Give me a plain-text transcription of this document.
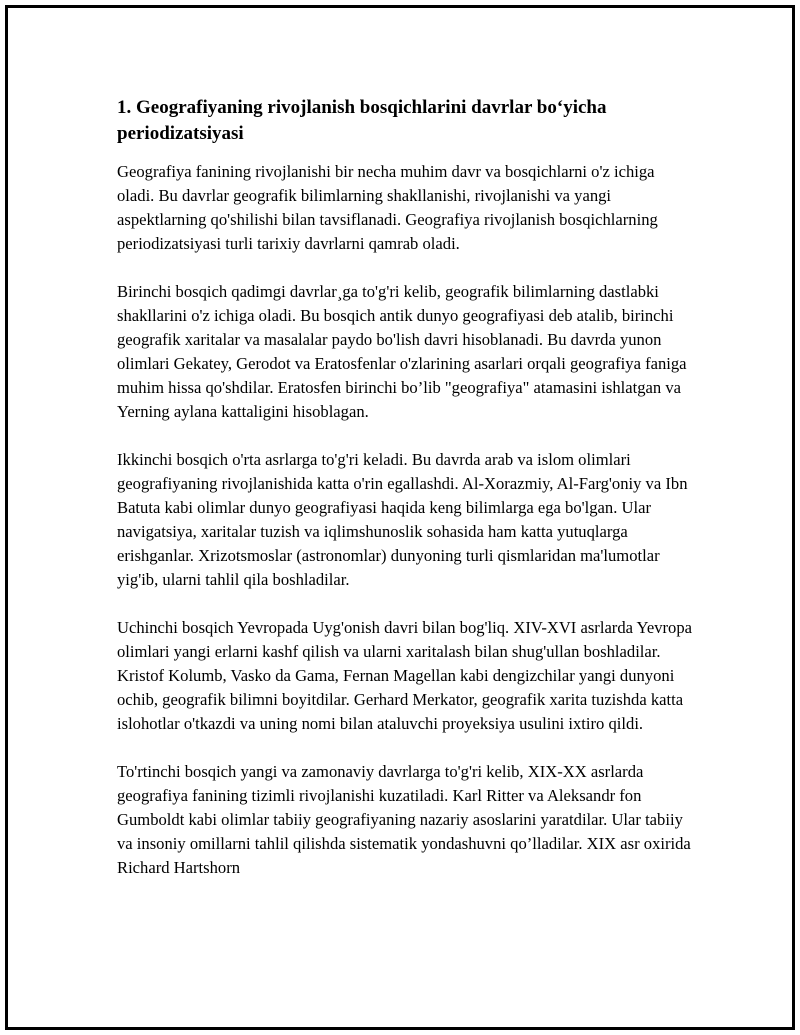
1. Geografiyaning rivojlanish bosqichlarini davrlar bo‘yicha periodizatsiyasi

Geografiya fanining rivojlanishi bir necha muhim davr va bosqichlarni o'z ichiga oladi. Bu davrlar geografik bilimlarning shakllanishi, rivojlanishi va yangi aspektlarning qo'shilishi bilan tavsiflanadi. Geografiya rivojlanish bosqichlarning periodizatsiyasi turli tarixiy davrlarni qamrab oladi.

Birinchi bosqich qadimgi davrlar¸ga to'g'ri kelib, geografik bilimlarning dastlabki shakllarini o'z ichiga oladi. Bu bosqich antik dunyo geografiyasi deb atalib, birinchi geografik xaritalar va masalalar paydo bo'lish davri hisoblanadi. Bu davrda yunon olimlari Gekatey, Gerodot va Eratosfenlar o'zlarining asarlari orqali geografiya faniga muhim hissa qo'shdilar. Eratosfen birinchi bo’lib "geografiya" atamasini ishlatgan va Yerning aylana kattaligini hisoblagan.

Ikkinchi bosqich o'rta asrlarga to'g'ri keladi. Bu davrda arab va islom olimlari geografiyaning rivojlanishida katta o'rin egallashdi. Al-Xorazmiy, Al-Farg'oniy va Ibn Batuta kabi olimlar dunyo geografiyasi haqida keng bilimlarga ega bo'lgan. Ular navigatsiya, xaritalar tuzish va iqlimshunoslik sohasida ham katta yutuqlarga erishganlar. Xrizotsmoslar (astronomlar) dunyoning turli qismlaridan ma'lumotlar yig'ib, ularni tahlil qila boshladilar.

Uchinchi bosqich Yevropada Uyg'onish davri bilan bog'liq. XIV-XVI asrlarda Yevropa olimlari yangi erlarni kashf qilish va ularni xaritalash bilan shug'ullan boshladilar. Kristof Kolumb, Vasko da Gama, Fernan Magellan kabi dengizchilar yangi dunyoni ochib, geografik bilimni boyitdilar. Gerhard Merkator, geografik xarita tuzishda katta islohotlar o'tkazdi va uning nomi bilan ataluvchi proyeksiya usulini ixtiro qildi.

To'rtinchi bosqich yangi va zamonaviy davrlarga to'g'ri kelib, XIX-XX asrlarda geografiya fanining tizimli rivojlanishi kuzatiladi. Karl Ritter va Aleksandr fon Gumboldt kabi olimlar tabiiy geografiyaning nazariy asoslarini yaratdilar. Ular tabiiy va insoniy omillarni tahlil qilishda sistematik yondashuvni qo’lladilar. XIX asr oxirida Richard Hartshorn
